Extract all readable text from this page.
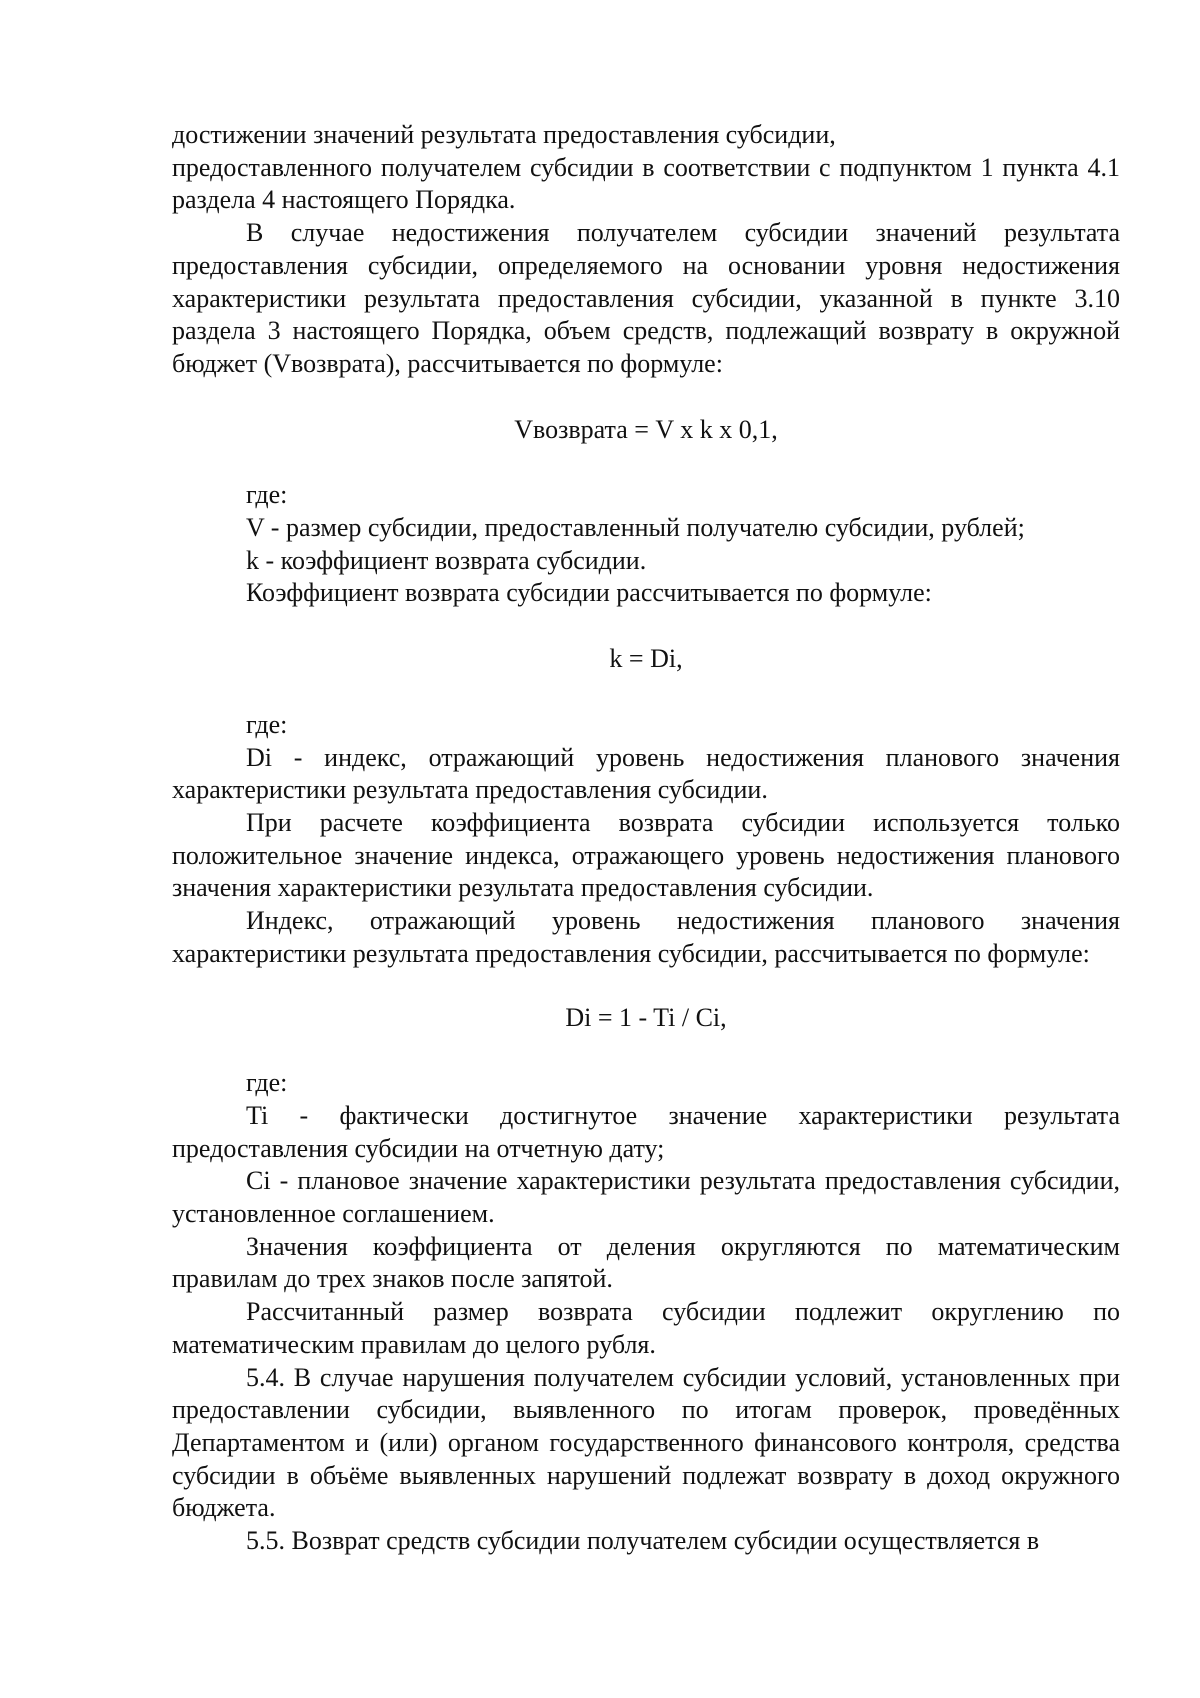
достижении значений результата предоставления субсидии,

предоставленного получателем субсидии в соответствии с подпунктом 1 пункта 4.1 раздела 4 настоящего Порядка.

В случае недостижения получателем субсидии значений результата предоставления субсидии, определяемого на основании уровня недостижения характеристики результата предоставления субсидии, указанной в пункте 3.10 раздела 3 настоящего Порядка, объем средств, подлежащий возврату в окружной бюджет (Vвозврата), рассчитывается по формуле:

Vвозврата = V x k x 0,1,

где:

V - размер субсидии, предоставленный получателю субсидии, рублей;

k - коэффициент возврата субсидии.

Коэффициент возврата субсидии рассчитывается по формуле:

k = Di,

где:

Di - индекс, отражающий уровень недостижения планового значения характеристики результата предоставления субсидии.

При расчете коэффициента возврата субсидии используется только положительное значение индекса, отражающего уровень недостижения планового значения характеристики результата предоставления субсидии.

Индекс, отражающий уровень недостижения планового значения характеристики результата предоставления субсидии, рассчитывается по формуле:

Di = 1 - Ti / Ci,

где:

Ti - фактически достигнутое значение характеристики результата предоставления субсидии на отчетную дату;

Ci - плановое значение характеристики результата предоставления субсидии, установленное соглашением.

Значения коэффициента от деления округляются по математическим правилам до трех знаков после запятой.

Рассчитанный размер возврата субсидии подлежит округлению по математическим правилам до целого рубля.

5.4. В случае нарушения получателем субсидии условий, установленных при предоставлении субсидии, выявленного по итогам проверок, проведённых Департаментом и (или) органом государственного финансового контроля, средства субсидии в объёме выявленных нарушений подлежат возврату в доход окружного бюджета.

5.5. Возврат средств субсидии получателем субсидии осуществляется в
